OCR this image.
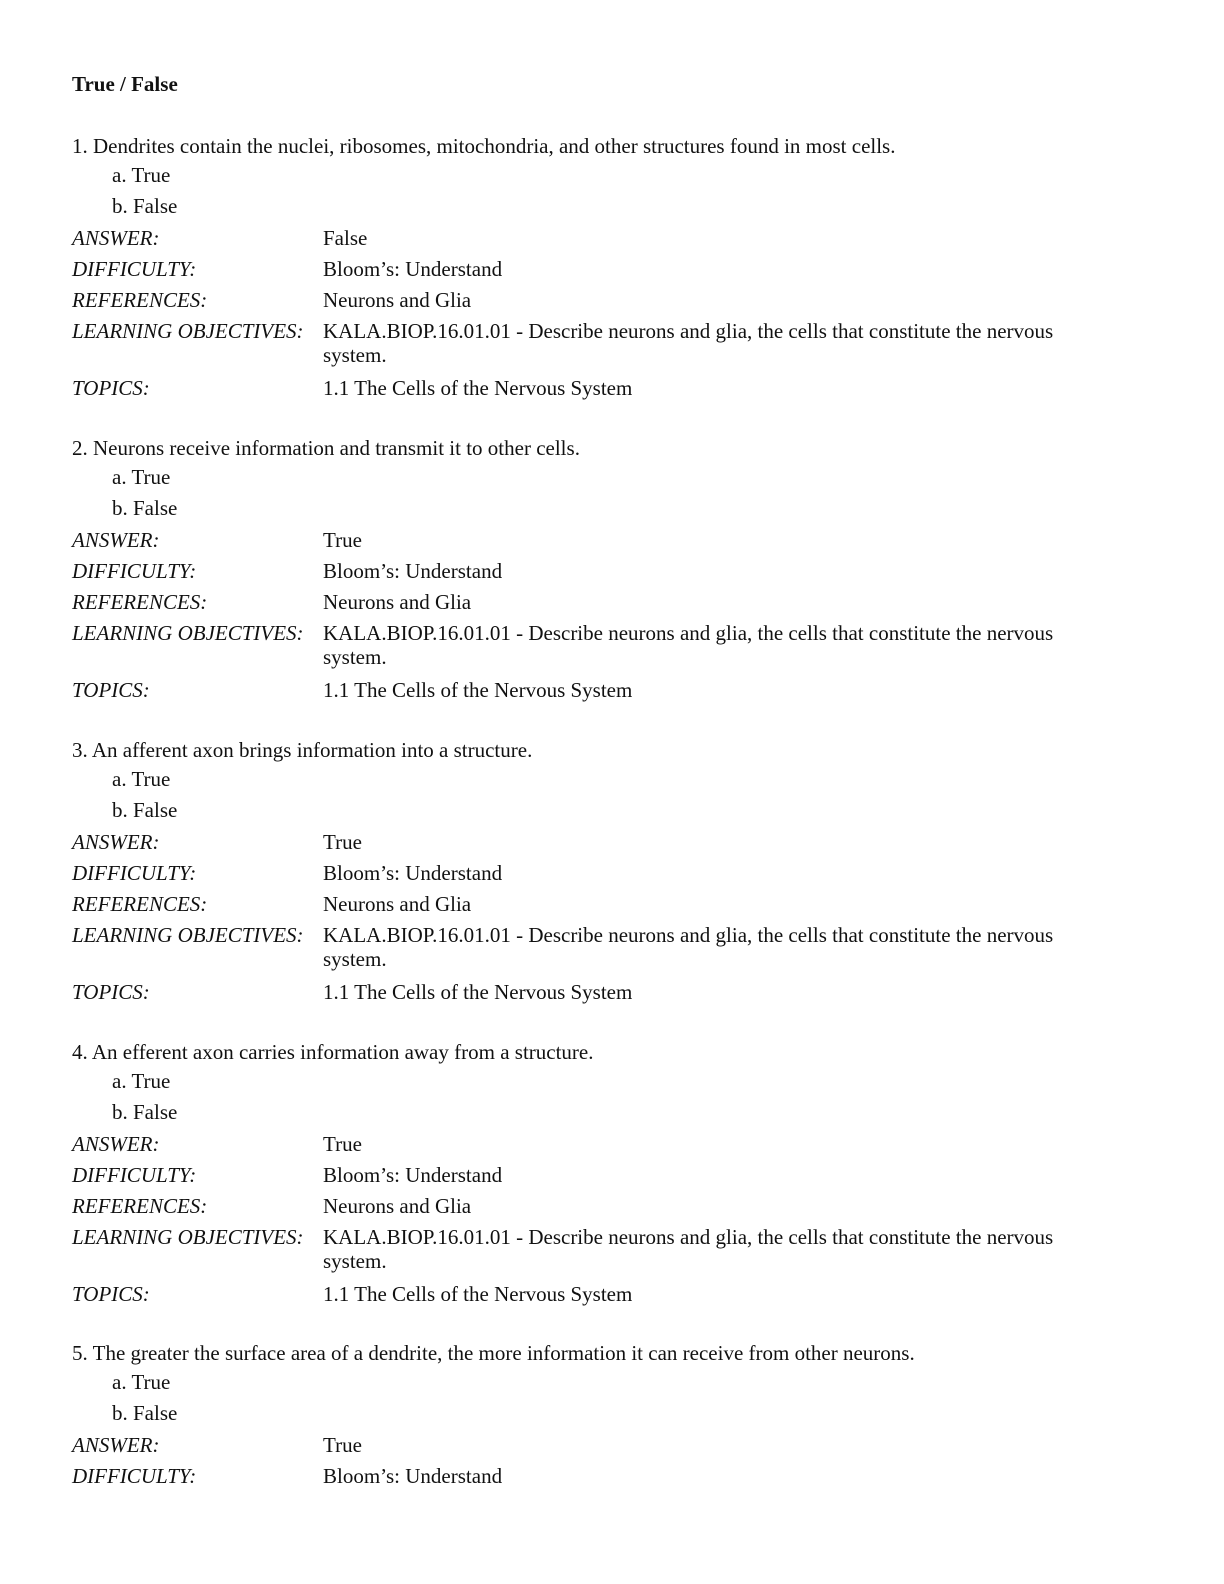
True / False
1. Dendrites contain the nuclei, ribosomes, mitochondria, and other structures found in most cells.
a. True
b. False
ANSWER:	False
DIFFICULTY:	Bloom’s: Understand
REFERENCES:	Neurons and Glia
LEARNING OBJECTIVES: KALA.BIOP.16.01.01 - Describe neurons and glia, the cells that constitute the nervous system.
TOPICS:	1.1 The Cells of the Nervous System
2. Neurons receive information and transmit it to other cells.
a. True
b. False
ANSWER:	True
DIFFICULTY:	Bloom’s: Understand
REFERENCES:	Neurons and Glia
LEARNING OBJECTIVES: KALA.BIOP.16.01.01 - Describe neurons and glia, the cells that constitute the nervous system.
TOPICS:	1.1 The Cells of the Nervous System
3. An afferent axon brings information into a structure.
a. True
b. False
ANSWER:	True
DIFFICULTY:	Bloom’s: Understand
REFERENCES:	Neurons and Glia
LEARNING OBJECTIVES: KALA.BIOP.16.01.01 - Describe neurons and glia, the cells that constitute the nervous system.
TOPICS:	1.1 The Cells of the Nervous System
4. An efferent axon carries information away from a structure.
a. True
b. False
ANSWER:	True
DIFFICULTY:	Bloom’s: Understand
REFERENCES:	Neurons and Glia
LEARNING OBJECTIVES: KALA.BIOP.16.01.01 - Describe neurons and glia, the cells that constitute the nervous system.
TOPICS:	1.1 The Cells of the Nervous System
5. The greater the surface area of a dendrite, the more information it can receive from other neurons.
a. True
b. False
ANSWER:	True
DIFFICULTY:	Bloom’s: Understand
